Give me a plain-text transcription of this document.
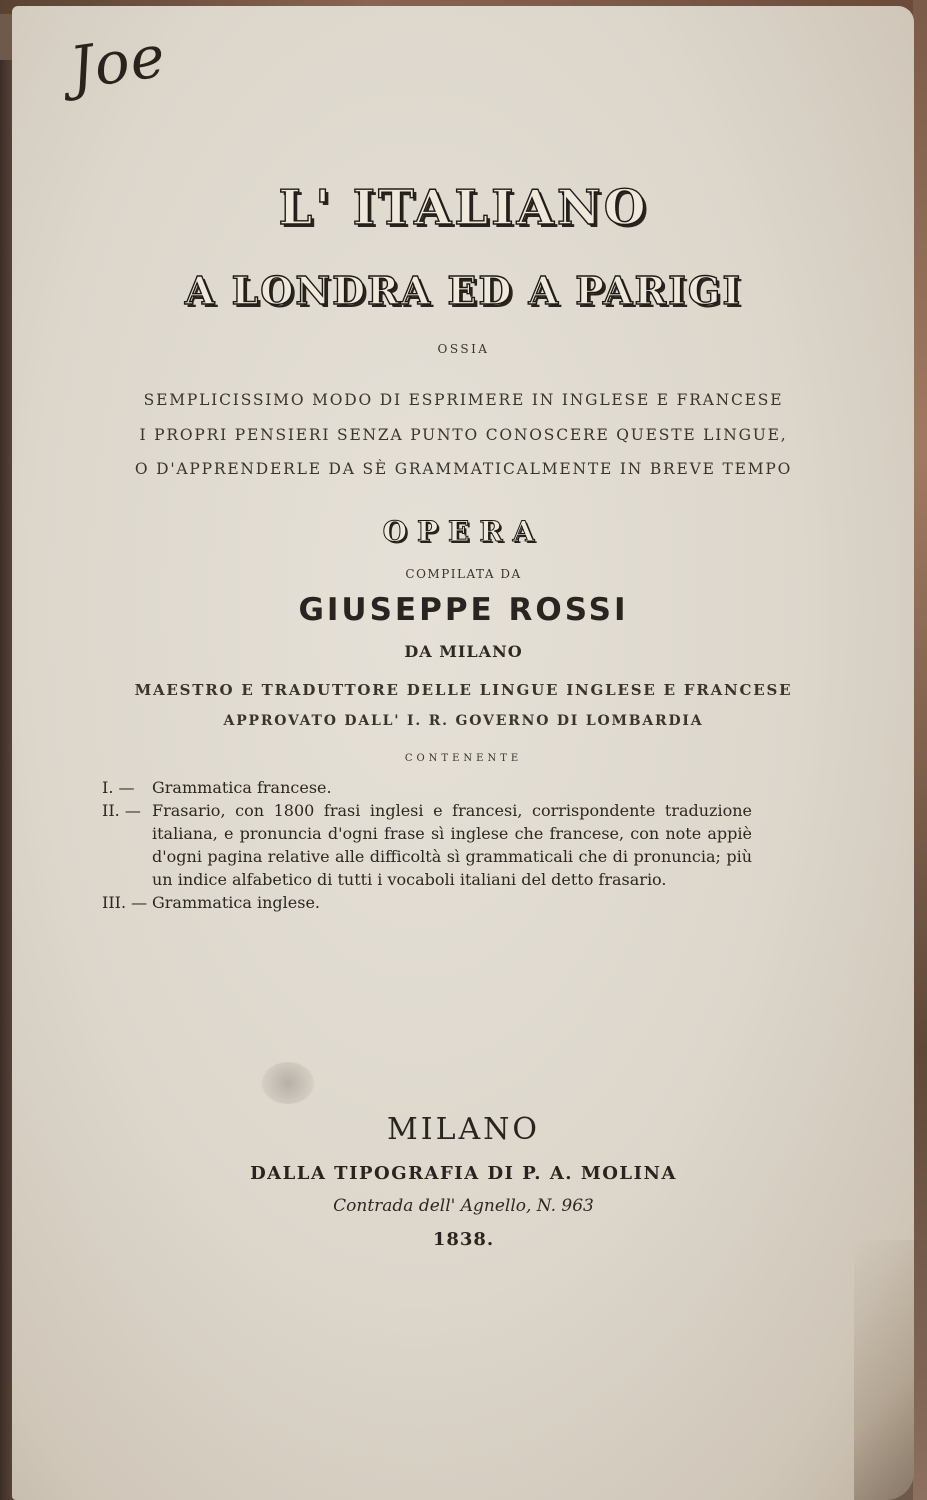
Joe
L' ITALIANO
A LONDRA ED A PARIGI
OSSIA
SEMPLICISSIMO MODO DI ESPRIMERE IN INGLESE E FRANCESE
I PROPRI PENSIERI SENZA PUNTO CONOSCERE QUESTE LINGUE,
O D'APPRENDERLE DA SÈ GRAMMATICALMENTE IN BREVE TEMPO
OPERA
COMPILATA DA
GIUSEPPE ROSSI
DA MILANO
MAESTRO E TRADUTTORE DELLE LINGUE INGLESE E FRANCESE
APPROVATO DALL' I. R. GOVERNO DI LOMBARDIA
CONTENENTE
I. —	Grammatica francese.
II. — Frasario, con 1800 frasi inglesi e francesi, corrispondente traduzione italiana, e pronuncia d'ogni frase sì inglese che francese, con note appiè d'ogni pagina relative alle difficoltà sì grammaticali che di pronuncia; più un indice alfabetico di tutti i vocaboli italiani del detto frasario.
III. — Grammatica inglese.
MILANO
DALLA TIPOGRAFIA DI P. A. MOLINA
Contrada dell' Agnello, N. 963
1838.
